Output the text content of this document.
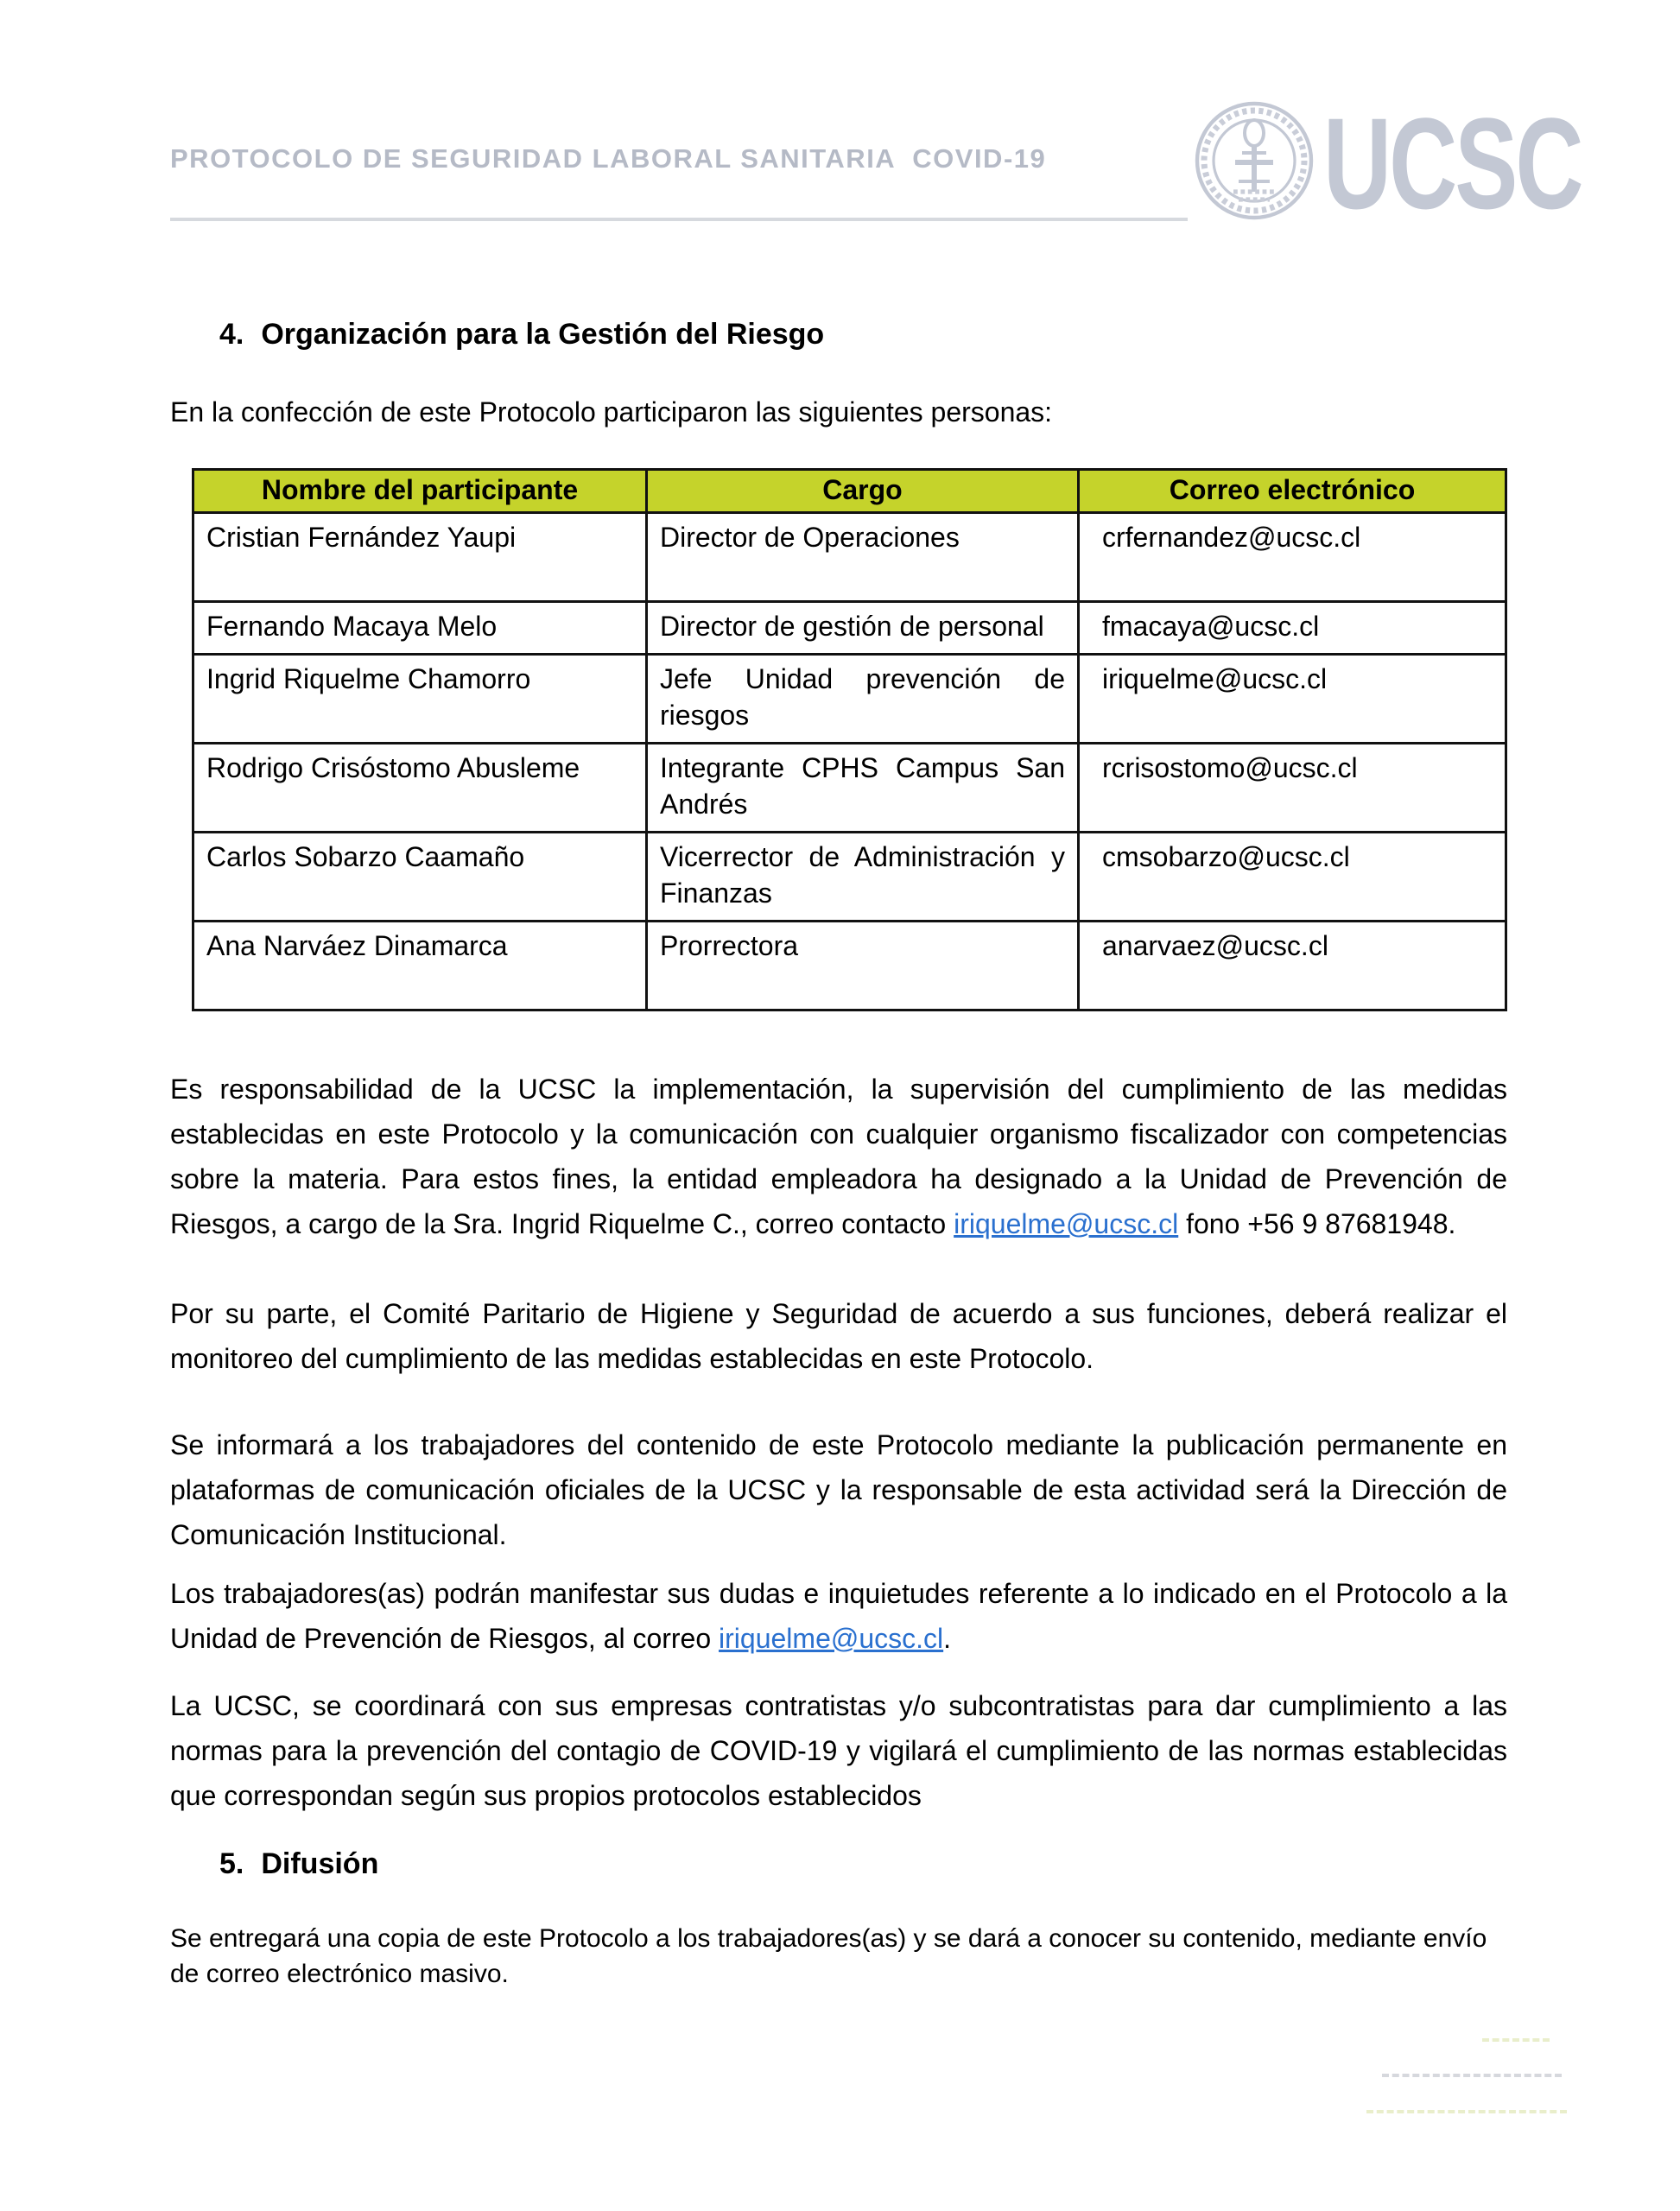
PROTOCOLO DE SEGURIDAD LABORAL SANITARIA  COVID-19	UCSC
4. Organización para la Gestión del Riesgo

En la confección de este Protocolo participaron las siguientes personas:

Nombre del participante	Cargo	Correo electrónico
Cristian Fernández Yaupi	Director de Operaciones	crfernandez@ucsc.cl
Fernando Macaya Melo	Director de gestión de personal	fmacaya@ucsc.cl
Ingrid Riquelme Chamorro	Jefe Unidad prevención de riesgos	iriquelme@ucsc.cl
Rodrigo Crisóstomo Abusleme	Integrante CPHS Campus San Andrés	rcrisostomo@ucsc.cl
Carlos Sobarzo Caamaño	Vicerrector de Administración y Finanzas	cmsobarzo@ucsc.cl
Ana Narváez Dinamarca	Prorrectora	anarvaez@ucsc.cl

Es responsabilidad de la UCSC la implementación, la supervisión del cumplimiento de las medidas establecidas en este Protocolo y la comunicación con cualquier organismo fiscalizador con competencias sobre la materia. Para estos fines, la entidad empleadora ha designado a la Unidad de Prevención de Riesgos, a cargo de la Sra. Ingrid Riquelme C., correo contacto iriquelme@ucsc.cl fono +56 9 87681948.

Por su parte, el Comité Paritario de Higiene y Seguridad de acuerdo a sus funciones, deberá realizar el monitoreo del cumplimiento de las medidas establecidas en este Protocolo.

Se informará a los trabajadores del contenido de este Protocolo mediante la publicación permanente en plataformas de comunicación oficiales de la UCSC y la responsable de esta actividad será la Dirección de Comunicación Institucional.

Los trabajadores(as) podrán manifestar sus dudas e inquietudes referente a lo indicado en el Protocolo a la Unidad de Prevención de Riesgos, al correo iriquelme@ucsc.cl.

La UCSC, se coordinará con sus empresas contratistas y/o subcontratistas para dar cumplimiento a las normas para la prevención del contagio de COVID-19 y vigilará el cumplimiento de las normas establecidas que correspondan según sus propios protocolos establecidos

5. Difusión

Se entregará una copia de este Protocolo a los trabajadores(as) y se dará a conocer su contenido, mediante envío de correo electrónico masivo.
